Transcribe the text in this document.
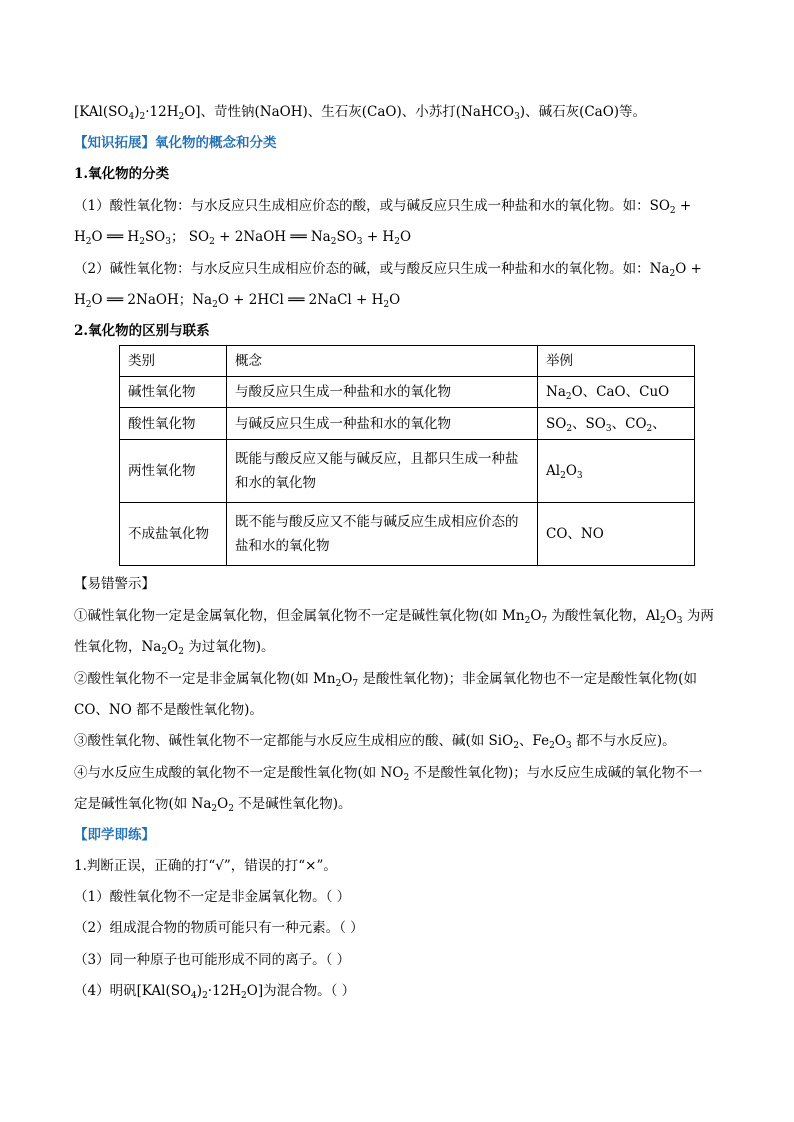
$[KAl(SO_4)_2\cdot 12H_2O]$、苛性钠(NaOH)、生石灰(CaO)、小苏打(NaHCO$_3$)、碱石灰(CaO)等。
【知识拓展】氧化物的概念和分类
1.氧化物的分类
（1）酸性氧化物：与水反应只生成相应价态的酸，或与碱反应只生成一种盐和水的氧化物。如：$SO_2$ +
$H_2O$ ══ $H_2SO_3$； $SO_2$ + 2NaOH ══ $Na_2SO_3 + H_2O$
（2）碱性氧化物：与水反应只生成相应价态的碱，或与酸反应只生成一种盐和水的氧化物。如：$Na_2O$ +
$H_2O$ ══ 2NaOH；$Na_2O + 2HCl$ ══ 2NaCl + $H_2O$
2.氧化物的区别与联系
类别	概念	举例
碱性氧化物	与酸反应只生成一种盐和水的氧化物	$Na_2O$、CaO、CuO
酸性氧化物	与碱反应只生成一种盐和水的氧化物	$SO_2$、$SO_3$、$CO_2$、
两性氧化物	既能与酸反应又能与碱反应，且都只生成一种盐
和水的氧化物	$Al_2O_3$
不成盐氧化物	既不能与酸反应又不能与碱反应生成相应价态的
盐和水的氧化物	CO、NO
【易错警示】
①碱性氧化物一定是金属氧化物，但金属氧化物不一定是碱性氧化物(如 $Mn_2O_7$ 为酸性氧化物，$Al_2O_3$ 为两
性氧化物，$Na_2O_2$ 为过氧化物)。
②酸性氧化物不一定是非金属氧化物(如 $Mn_2O_7$ 是酸性氧化物)；非金属氧化物也不一定是酸性氧化物(如
CO、NO 都不是酸性氧化物)。
③酸性氧化物、碱性氧化物不一定都能与水反应生成相应的酸、碱(如 SiO$_2$、$Fe_2O_3$ 都不与水反应)。
④与水反应生成酸的氧化物不一定是酸性氧化物(如 $NO_2$ 不是酸性氧化物)；与水反应生成碱的氧化物不一
定是碱性氧化物(如 $Na_2O_2$ 不是碱性氧化物)。
【即学即练】
1.判断正误，正确的打“√”，错误的打“×”。
（1）酸性氧化物不一定是非金属氧化物。（ ）
（2）组成混合物的物质可能只有一种元素。（ ）
（3）同一种原子也可能形成不同的离子。（ ）
（4）明矾$[KAl(SO_4)_2\cdot 12H_2O]$为混合物。（ ）
